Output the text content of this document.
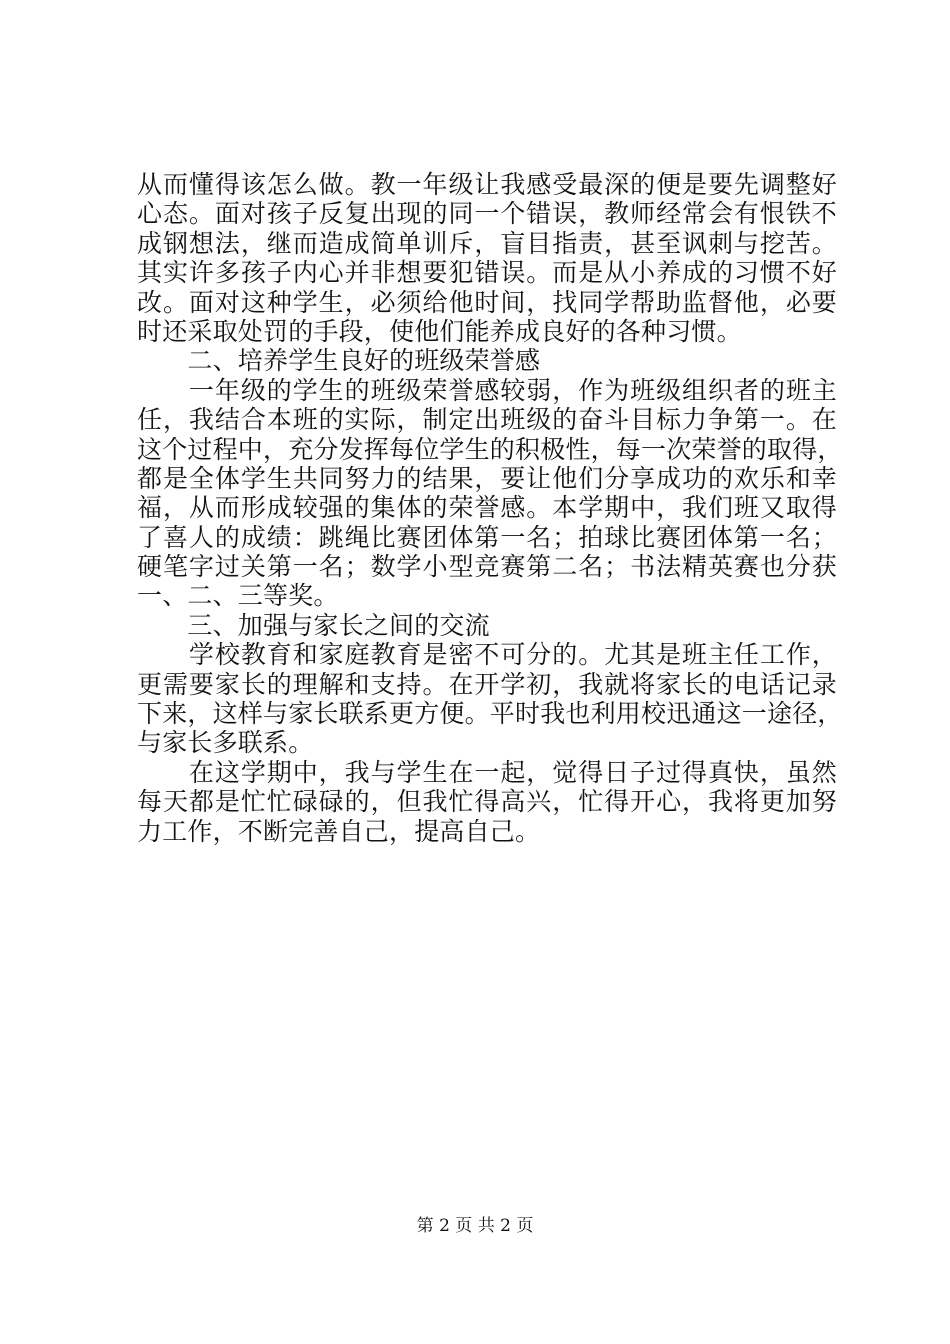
从而懂得该怎么做。教一年级让我感受最深的便是要先调整好
心态。面对孩子反复出现的同一个错误，教师经常会有恨铁不
成钢想法，继而造成简单训斥，盲目指责，甚至讽刺与挖苦。
其实许多孩子内心并非想要犯错误。而是从小养成的习惯不好
改。面对这种学生，必须给他时间，找同学帮助监督他，必要
时还采取处罚的手段，使他们能养成良好的各种习惯。
　　二、培养学生良好的班级荣誉感
　　一年级的学生的班级荣誉感较弱，作为班级组织者的班主
任，我结合本班的实际，制定出班级的奋斗目标力争第一。在
这个过程中，充分发挥每位学生的积极性，每一次荣誉的取得，
都是全体学生共同努力的结果，要让他们分享成功的欢乐和幸
福，从而形成较强的集体的荣誉感。本学期中，我们班又取得
了喜人的成绩：跳绳比赛团体第一名；拍球比赛团体第一名；
硬笔字过关第一名；数学小型竞赛第二名；书法精英赛也分获
一、二、三等奖。
　　三、加强与家长之间的交流
　　学校教育和家庭教育是密不可分的。尤其是班主任工作，
更需要家长的理解和支持。在开学初，我就将家长的电话记录
下来，这样与家长联系更方便。平时我也利用校迅通这一途径，
与家长多联系。
　　在这学期中，我与学生在一起，觉得日子过得真快，虽然
每天都是忙忙碌碌的，但我忙得高兴，忙得开心，我将更加努
力工作，不断完善自己，提高自己。
第 2 页 共 2 页
